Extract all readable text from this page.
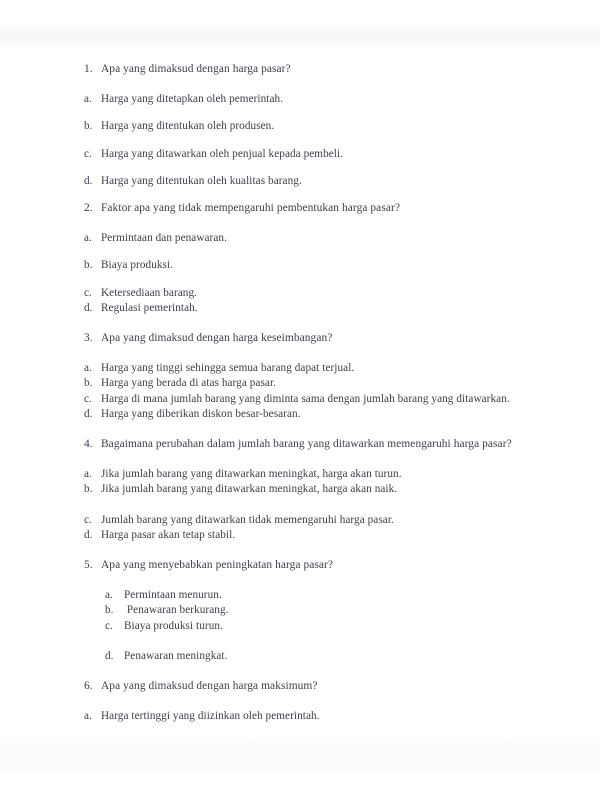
1. Apa yang dimaksud dengan harga pasar?
a. Harga yang ditetapkan oleh pemerintah.
b. Harga yang ditentukan oleh produsen.
c. Harga yang ditawarkan oleh penjual kepada pembeli.
d. Harga yang ditentukan oleh kualitas barang.
2. Faktor apa yang tidak mempengaruhi pembentukan harga pasar?
a. Permintaan dan penawaran.
b. Biaya produksi.
c. Ketersediaan barang.
d. Regulasi pemerintah.
3. Apa yang dimaksud dengan harga keseimbangan?
a. Harga yang tinggi sehingga semua barang dapat terjual.
b. Harga yang berada di atas harga pasar.
c. Harga di mana jumlah barang yang diminta sama dengan jumlah barang yang ditawarkan.
d. Harga yang diberikan diskon besar-besaran.
4. Bagaimana perubahan dalam jumlah barang yang ditawarkan memengaruhi harga pasar?
a. Jika jumlah barang yang ditawarkan meningkat, harga akan turun.
b. Jika jumlah barang yang ditawarkan meningkat, harga akan naik.
c. Jumlah barang yang ditawarkan tidak memengaruhi harga pasar.
d. Harga pasar akan tetap stabil.
5. Apa yang menyebabkan peningkatan harga pasar?
a. Permintaan menurun.
b. Penawaran berkurang.
c. Biaya produksi turun.
d. Penawaran meningkat.
6. Apa yang dimaksud dengan harga maksimum?
a. Harga tertinggi yang diizinkan oleh pemerintah.
